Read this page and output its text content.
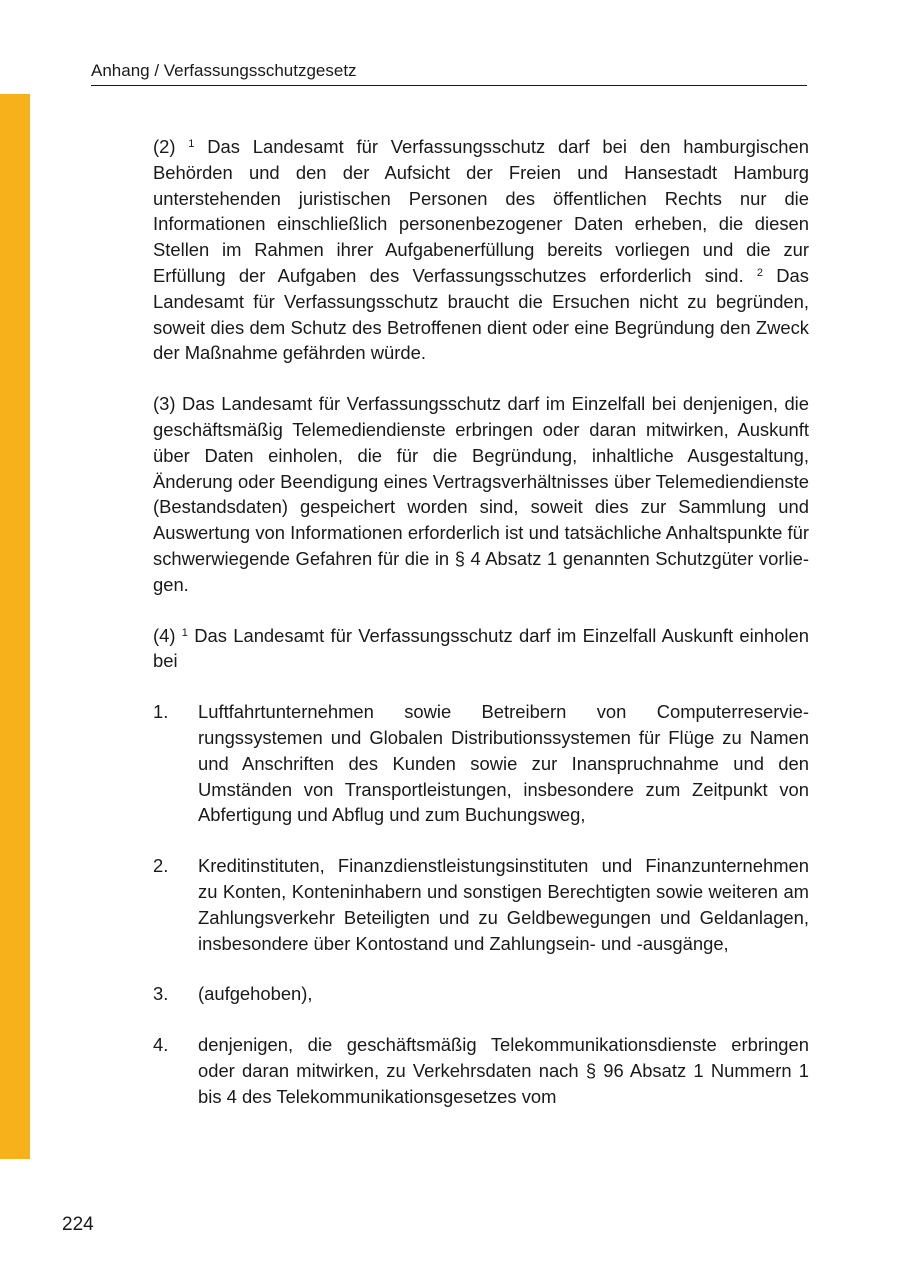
Anhang / Verfassungsschutzgesetz

(2) $^1$ Das Landesamt für Verfassungsschutz darf bei den hamburgischen Behörden und den der Aufsicht der Freien und Hansestadt Hamburg unterstehenden juristischen Personen des öffentlichen Rechts nur die Informationen einschließlich personenbezogener Daten erheben, die diesen Stellen im Rahmen ihrer Aufgabenerfüllung bereits vorliegen und die zur Erfüllung der Aufgaben des Verfassungsschutzes erforderlich sind. $^2$ Das Landesamt für Verfassungsschutz braucht die Ersuchen nicht zu begründen, soweit dies dem Schutz des Betroffenen dient oder eine Begründung den Zweck der Maßnahme gefährden würde.

(3) Das Landesamt für Verfassungsschutz darf im Einzelfall bei denjenigen, die geschäftsmäßig Telemediendienste erbringen oder daran mitwirken, Auskunft über Daten einholen, die für die Begründung, inhaltliche Ausgestaltung, Änderung oder Beendigung eines Vertragsverhältnisses über Telemediendienste (Bestandsdaten) gespeichert worden sind, soweit dies zur Sammlung und Auswertung von Informationen erforderlich ist und tatsächliche Anhaltspunkte für schwerwiegende Gefahren für die in § 4 Absatz 1 genannten Schutzgüter vorliegen.

(4) $^1$ Das Landesamt für Verfassungsschutz darf im Einzelfall Auskunft einholen bei

1. Luftfahrtunternehmen sowie Betreibern von Computerreservierungssystemen und Globalen Distributionssystemen für Flüge zu Namen und Anschriften des Kunden sowie zur Inanspruchnahme und den Umständen von Transportleistungen, insbesondere zum Zeitpunkt von Abfertigung und Abflug und zum Buchungsweg,
2. Kreditinstituten, Finanzdienstleistungsinstituten und Finanzunternehmen zu Konten, Konteninhabern und sonstigen Berechtigten sowie weiteren am Zahlungsverkehr Beteiligten und zu Geldbewegungen und Geldanlagen, insbesondere über Kontostand und Zahlungsein- und -ausgänge,
3. (aufgehoben),
4. denjenigen, die geschäftsmäßig Telekommunikationsdienste erbringen oder daran mitwirken, zu Verkehrsdaten nach § 96 Absatz 1 Nummern 1 bis 4 des Telekommunikationsgesetzes vom
224
